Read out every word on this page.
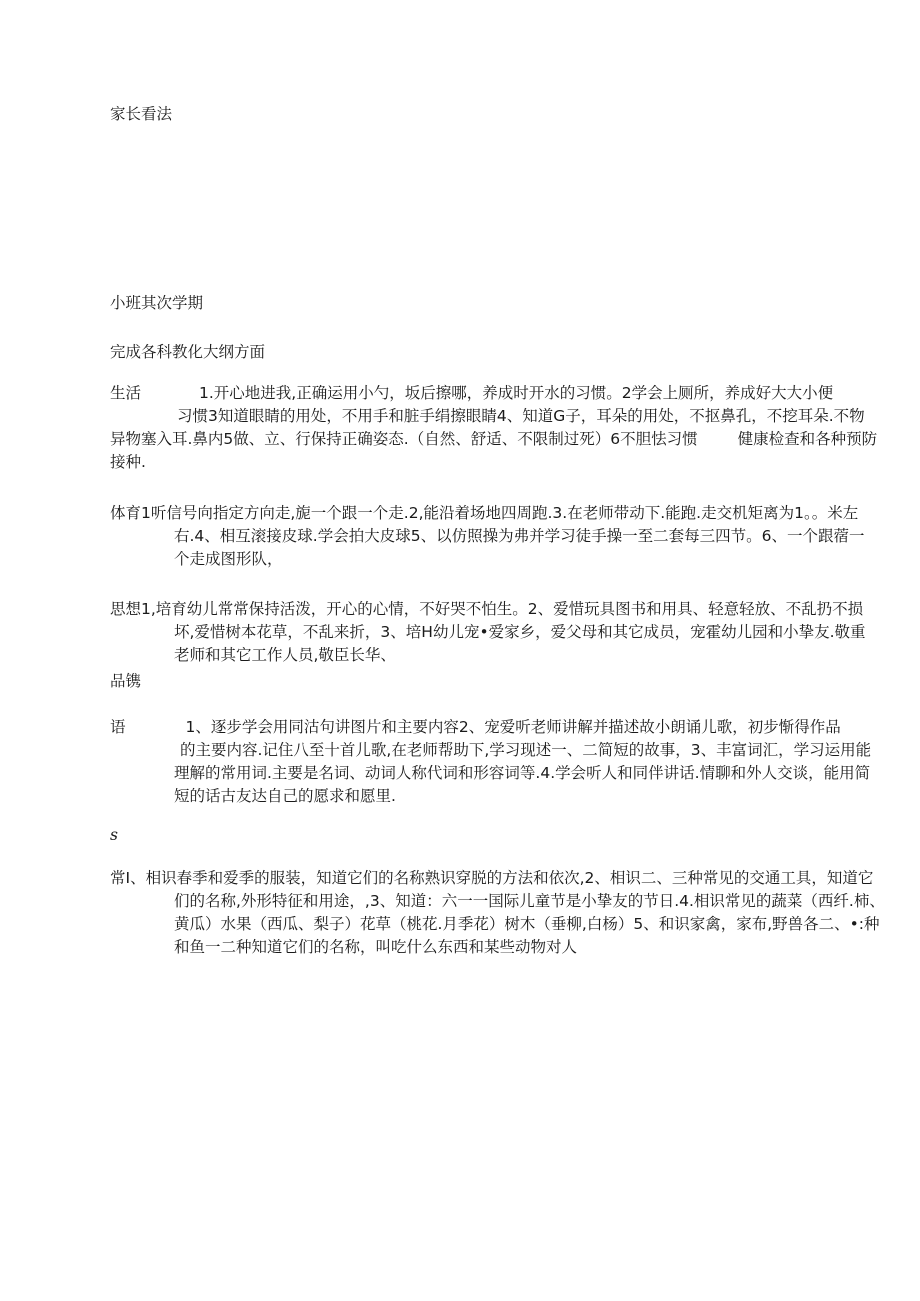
家长看法
小班其次学期
完成各科教化大纲方面
生活	1.开心地进我,正确运用小勺，坂后擦哪，养成时开水的习惯。2学会上厕所，养成好大大小便
习惯3知道眼睛的用处，不用手和脏手绢擦眼睛4、知道G子，耳朵的用处，不抠鼻孔，不挖耳朵.不物
异物塞入耳.鼻内5做、立、行保持正确姿态.（自然、舒适、不限制过死）6不胆怯习惯	健康检查和各种预防
接种.
体育1听信号向指定方向走,旎一个跟一个走.2,能沿着场地四周跑.3.在老师带动下.能跑.走交机矩离为1。。米左
右.4、相互滚接皮球.学会拍大皮球5、以仿照操为弗并学习徒手操一至二套每三四节。6、一个跟蓿一
个走成图形队，
思想1,培育幼儿常常保持活泼，开心的心情，不好哭不怕生。2、爱惜玩具图书和用具、轻意轻放、不乱扔不损
坏,爱惜树本花草，不乱来折，3、培H幼儿宠•爱家乡，爱父母和其它成员，宠霍幼儿园和小挚友.敬重
老师和其它工作人员,敬臣长华、
品镌
语	1、逐步学会用同沽句讲图片和主要内容2、宠爱听老师讲解并描述故小朗诵儿歌，初步惭得作品
的主要内容.记住八至十首儿歌,在老师帮助下,学习现述一、二简短的故事，3、丰富词汇，学习运用能
理解的常用词.主要是名词、动词人称代词和形容词等.4.学会听人和同伴讲话.情聊和外人交谈，能用简
短的话古友达自己的愿求和愿里.
s
常I、相识春季和爱季的服装，知道它们的名称熟识穿脱的方法和依次,2、相识二、三种常见的交通工具，知道它
们的名称,外形特征和用途，,3、知道：六一一国际儿童节是小挚友的节日.4.相识常见的蔬菜（西纤.柿、
黄瓜）水果（西瓜、梨子）花草（桃花.月季花）树木（垂柳,白杨）5、和识家禽，家布,野兽各二、•:种
和鱼一二种知道它们的名称，叫吃什么东西和某些动物对人
